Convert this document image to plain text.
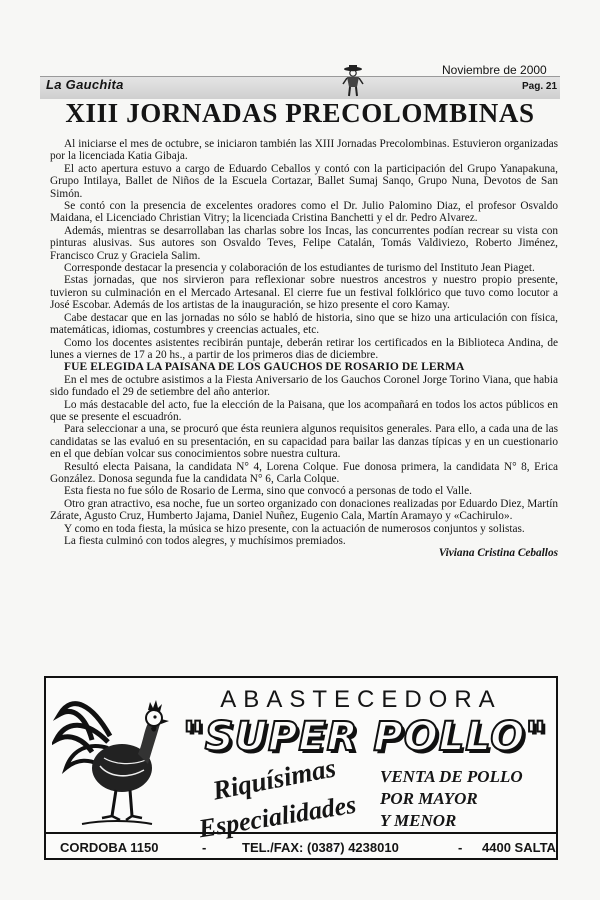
La Gauchita
Noviembre de 2000
Pag. 21
XIII JORNADAS PRECOLOMBINAS

Al iniciarse el mes de octubre, se iniciaron también las XIII Jornadas Precolombinas. Estuvieron organizadas por la licenciada Katia Gibaja.

El acto apertura estuvo a cargo de Eduardo Ceballos y contó con la participación del Grupo Yanapakuna, Grupo Intilaya, Ballet de Niños de la Escuela Cortazar, Ballet Sumaj Sanqo, Grupo Nuna, Devotos de San Simón.

Se contó con la presencia de excelentes oradores como el Dr. Julio Palomino Diaz, el profesor Osvaldo Maidana, el Licenciado Christian Vitry; la licenciada Cristina Banchetti y el dr. Pedro Alvarez.

Además, mientras se desarrollaban las charlas sobre los Incas, las concurrentes podían recrear su vista con pinturas alusivas. Sus autores son Osvaldo Teves, Felipe Catalán, Tomás Valdiviezo, Roberto Jiménez, Francisco Cruz y Graciela Salim.

Corresponde destacar la presencia y colaboración de los estudiantes de turismo del Instituto Jean Piaget.

Estas jornadas, que nos sirvieron para reflexionar sobre nuestros ancestros y nuestro propio presente, tuvieron su culminación en el Mercado Artesanal. El cierre fue un festival folklórico que tuvo como locutor a José Escobar. Además de los artistas de la inauguración, se hizo presente el coro Kamay.

Cabe destacar que en las jornadas no sólo se habló de historia, sino que se hizo una articulación con física, matemáticas, idiomas, costumbres y creencias actuales, etc.

Como los docentes asistentes recibirán puntaje, deberán retirar los certificados en la Biblioteca Andina, de lunes a viernes de 17 a 20 hs., a partir de los primeros dias de diciembre.

FUE ELEGIDA LA PAISANA DE LOS GAUCHOS DE ROSARIO DE LERMA

En el mes de octubre asistimos a la Fiesta Aniversario de los Gauchos Coronel Jorge Torino Viana, que habia sido fundado el 29 de setiembre del año anterior.

Lo más destacable del acto, fue la elección de la Paisana, que los acompañará en todos los actos públicos en que se presente el escuadrón.

Para seleccionar a una, se procuró que ésta reuniera algunos requisitos generales. Para ello, a cada una de las candidatas se las evaluó en su presentación, en su capacidad para bailar las danzas típicas y en un cuestionario en el que debían volcar sus conocimientos sobre nuestra cultura.

Resultó electa Paisana, la candidata N° 4, Lorena Colque. Fue donosa primera, la candidata N° 8, Erica González. Donosa segunda fue la candidata N° 6, Carla Colque.

Esta fiesta no fue sólo de Rosario de Lerma, sino que convocó a personas de todo el Valle.

Otro gran atractivo, esa noche, fue un sorteo organizado con donaciones realizadas por Eduardo Diez, Martín Zárate, Agusto Cruz, Humberto Jajama, Daniel Nuñez, Eugenio Cala, Martín Aramayo y «Cachirulo».

Y como en toda fiesta, la música se hizo presente, con la actuación de numerosos conjuntos y solistas.

La fiesta culminó con todos alegres, y muchísimos premiados.

Viviana Cristina Ceballos

ABASTECEDORA
"SUPER POLLO"
Riquísimas
Especialidades
VENTA DE POLLO
POR MAYOR
Y MENOR
CORDOBA 1150	-	TEL./FAX: (0387) 4238010	- 4400 SALTA
